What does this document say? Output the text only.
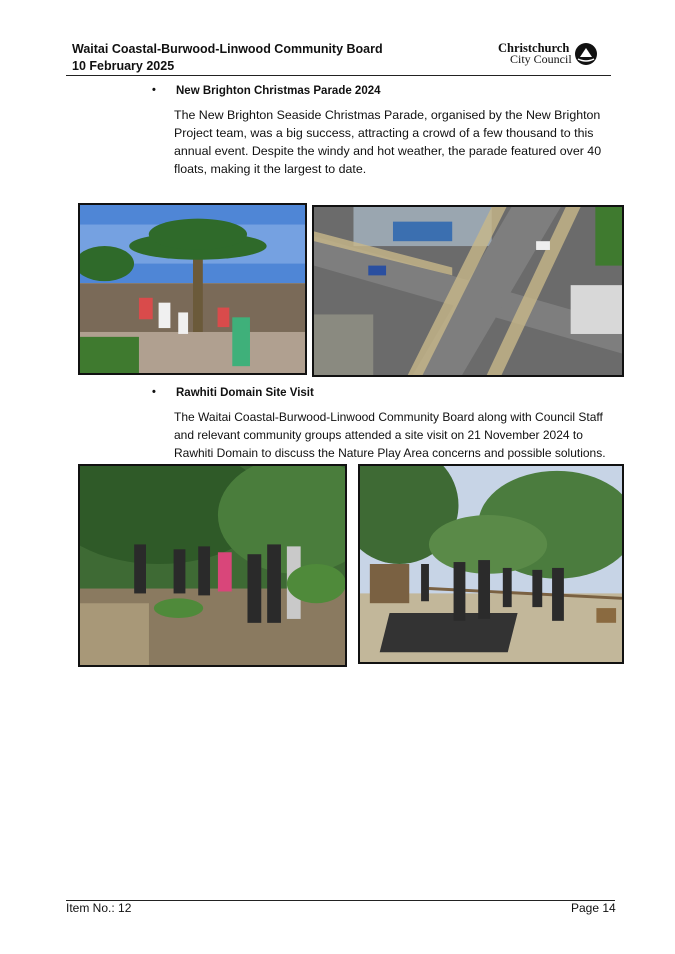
Waitai Coastal-Burwood-Linwood Community Board
10 February 2025
Christchurch
City Council
• New Brighton Christmas Parade 2024
The New Brighton Seaside Christmas Parade, organised by the New Brighton Project team, was a big success, attracting a crowd of a few thousand to this annual event. Despite the windy and hot weather, the parade featured over 40 floats, making it the largest to date.
• Rawhiti Domain Site Visit
The Waitai Coastal-Burwood-Linwood Community Board along with Council Staff and relevant community groups attended a site visit on 21 November 2024 to Rawhiti Domain to discuss the Nature Play Area concerns and possible solutions.
Item No.: 12	Page 14
